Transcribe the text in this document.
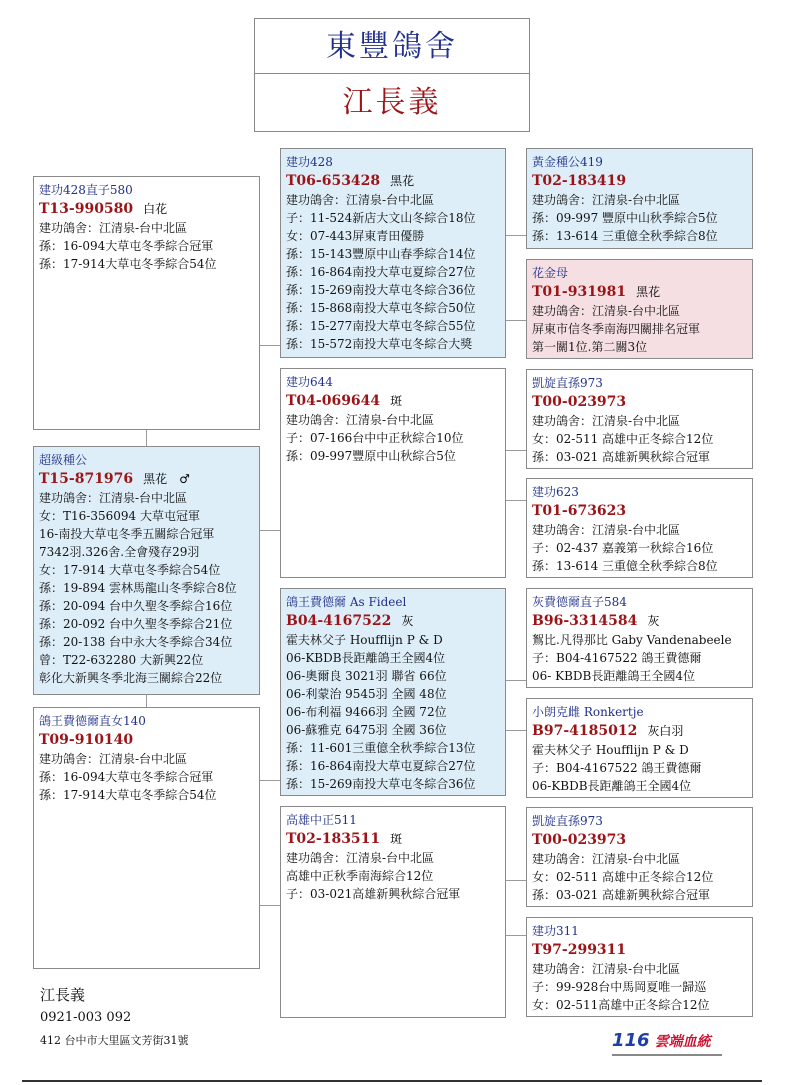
東豐鴿舍
江長義
建功428直子580
T13-990580 白花
建功鴿舍：江清泉-台中北區
孫：16-094大草屯冬季綜合冠軍
孫：17-914大草屯冬季綜合54位
超級種公
T15-871976 黑花　♂
建功鴿舍：江清泉-台中北區
女：T16-356094 大草屯冠軍
16-南投大草屯冬季五關綜合冠軍
7342羽.326舍.全會殘存29羽
女：17-914 大草屯冬季綜合54位
孫：19-894 雲林馬龍山冬季綜合8位
孫：20-094 台中久聖冬季綜合16位
孫：20-092 台中久聖冬季綜合21位
孫：20-138 台中永大冬季綜合34位
曾：T22-632280 大新興22位
彰化大新興冬季北海三關綜合22位
鴿王費德爾直女140
T09-910140
建功鴿舍：江清泉-台中北區
孫：16-094大草屯冬季綜合冠軍
孫：17-914大草屯冬季綜合54位
建功428
T06-653428 黑花
建功鴿舍：江清泉-台中北區
子：11-524新店大文山冬綜合18位
女：07-443屏東青田優勝
孫：15-143豐原中山春季綜合14位
孫：16-864南投大草屯夏綜合27位
孫：15-269南投大草屯冬綜合36位
孫：15-868南投大草屯冬綜合50位
孫：15-277南投大草屯冬綜合55位
孫：15-572南投大草屯冬綜合大獎
建功644
T04-069644 斑
建功鴿舍：江清泉-台中北區
子：07-166台中中正秋綜合10位
孫：09-997豐原中山秋綜合5位
鴿王費德爾 As Fideel
B04-4167522 灰
霍夫林父子 Houfflijn P & D
06-KBDB長距離鴿王全國4位
06-奧爾良 3021羽 聯省 66位
06-利蒙治 9545羽 全國 48位
06-布利福 9466羽 全國 72位
06-蘇雅克 6475羽 全國 36位
孫：11-601三重億全秋季綜合13位
孫：16-864南投大草屯夏綜合27位
孫：15-269南投大草屯冬綜合36位
高雄中正511
T02-183511 斑
建功鴿舍：江清泉-台中北區
高雄中正秋季南海綜合12位
子：03-021高雄新興秋綜合冠軍
黃金種公419
T02-183419
建功鴿舍：江清泉-台中北區
孫：09-997 豐原中山秋季綜合5位
孫：13-614 三重億全秋季綜合8位
花金母
T01-931981 黑花
建功鴿舍：江清泉-台中北區
屏東市信冬季南海四關排名冠軍
第一關1位.第二關3位
凱旋直孫973
T00-023973
建功鴿舍：江清泉-台中北區
女：02-511 高雄中正冬綜合12位
孫：03-021 高雄新興秋綜合冠軍
建功623
T01-673623
建功鴿舍：江清泉-台中北區
子：02-437 嘉義第一秋綜合16位
孫：13-614 三重億全秋季綜合8位
灰費德爾直子584
B96-3314584 灰
鴽比.凡得那比 Gaby Vandenabeele
子：B04-4167522 鴿王費德爾
06- KBDB長距離鴿王全國4位
小朗克雌 Ronkertje
B97-4185012 灰白羽
霍夫林父子 Houfflijn P & D
子：B04-4167522 鴿王費德爾
06-KBDB長距離鴿王全國4位
凱旋直孫973
T00-023973
建功鴿舍：江清泉-台中北區
女：02-511 高雄中正冬綜合12位
孫：03-021 高雄新興秋綜合冠軍
建功311
T97-299311
建功鴿舍：江清泉-台中北區
子：99-928台中馬岡夏唯一歸巡
女：02-511高雄中正冬綜合12位
江長義
0921-003 092
412 台中市大里區文芳街31號	116 雲端血統
